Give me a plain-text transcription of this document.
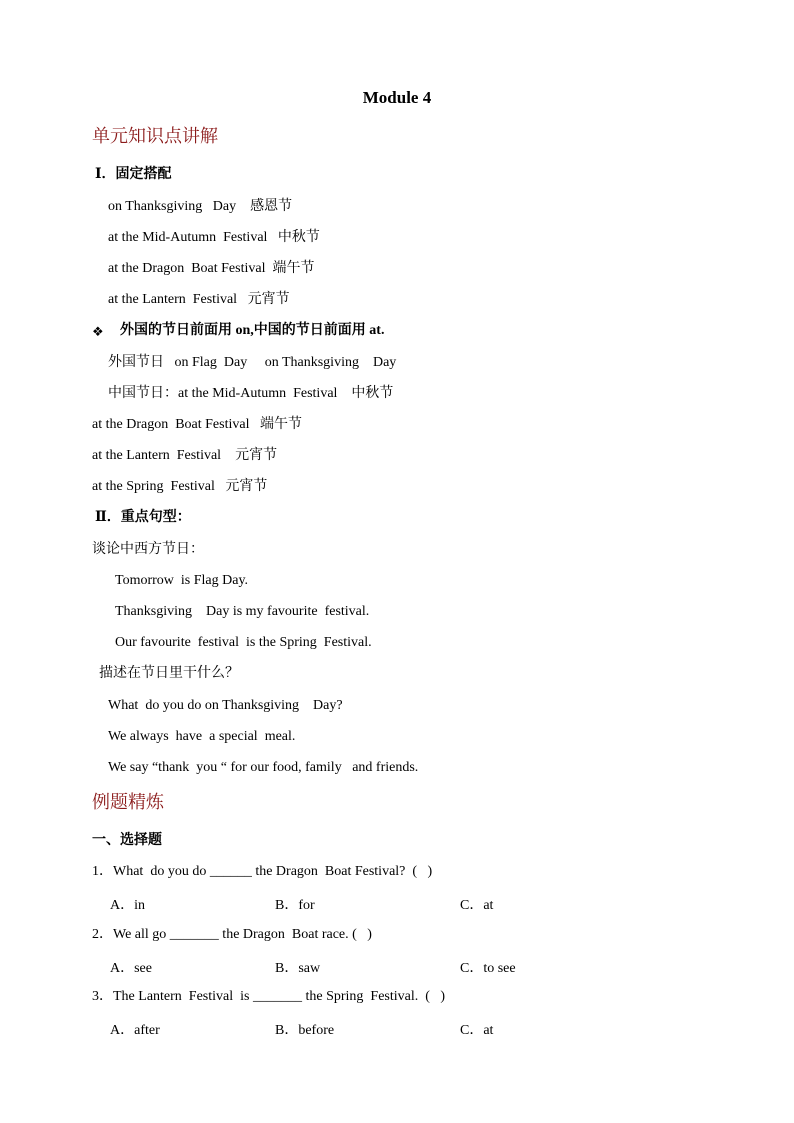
Module 4
单元知识点讲解
Ⅰ．固定搭配
on Thanksgiving   Day    感恩节
at the Mid-Autumn  Festival   中秋节
at the Dragon  Boat Festival  端午节
at the Lantern  Festival   元宵节
❖ 外国的节日前面用 on,中国的节日前面用 at.
外国节日   on Flag  Day     on Thanksgiving    Day
中国节日：at the Mid-Autumn  Festival    中秋节
at the Dragon  Boat Festival   端午节
at the Lantern  Festival    元宵节
at the Spring  Festival   元宵节
Ⅱ．重点句型：
谈论中西方节日：
Tomorrow  is Flag Day.
Thanksgiving    Day is my favourite  festival.
Our favourite  festival  is the Spring  Festival.
描述在节日里干什么？
What  do you do on Thanksgiving    Day?
We always  have  a special  meal.
We say “thank  you “ for our food, family   and friends.
例题精炼
一、选择题
1．What  do you do ______ the Dragon  Boat Festival?  (   )
A．in	B．for	C．at
2．We all go _______ the Dragon  Boat race. (   )
A．see	B．saw	C．to see
3．The Lantern  Festival  is _______ the Spring  Festival.  (   )
A．after	B．before	C．at
